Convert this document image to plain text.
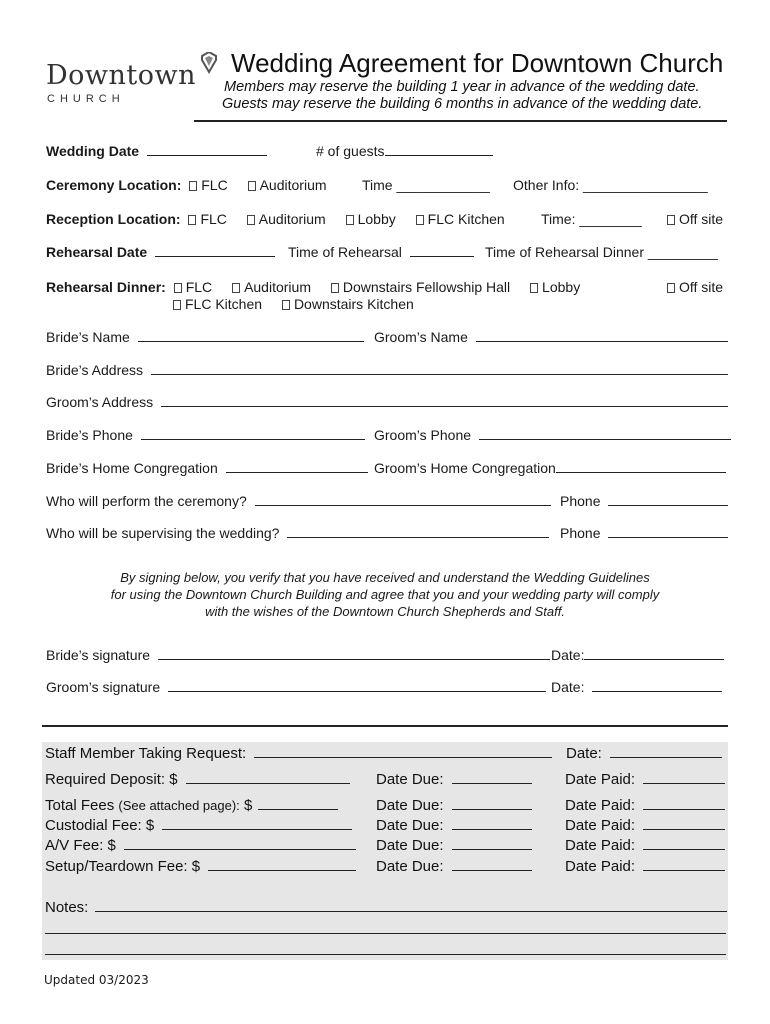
Downtown
CHURCH
Wedding Agreement for Downtown Church
Members may reserve the building 1 year in advance of the wedding date.
Guests may reserve the building 6 months in advance of the wedding date.
Wedding Date	# of guests
Ceremony Location: FLC Auditorium	Time ____________ Other Info: ________________
Reception Location: FLC Auditorium Lobby FLC Kitchen	Time: ________	Off site
Rehearsal Date	Time of Rehearsal	Time of Rehearsal Dinner _________
Rehearsal Dinner: FLC Auditorium Downstairs Fellowship Hall Lobby	Off site
FLC Kitchen Downstairs Kitchen
Bride’s Name	Groom’s Name
Bride’s Address
Groom’s Address
Bride’s Phone	Groom’s Phone
Bride’s Home Congregation	Groom’s Home Congregation
Who will perform the ceremony?	Phone
Who will be supervising the wedding?	Phone
By signing below, you verify that you have received and understand the Wedding Guidelines
for using the Downtown Church Building and agree that you and your wedding party will comply
with the wishes of the Downtown Church Shepherds and Staff.
Bride’s signature	Date:
Groom’s signature	Date:
Staff Member Taking Request:	Date:
Required Deposit: $	Date Due:	Date Paid:
Total Fees (See attached page): $	Date Due:	Date Paid:
Custodial Fee: $	Date Due:	Date Paid:
A/V Fee: $	Date Due:	Date Paid:
Setup/Teardown Fee: $	Date Due:	Date Paid:
Notes:
Updated 03/2023
